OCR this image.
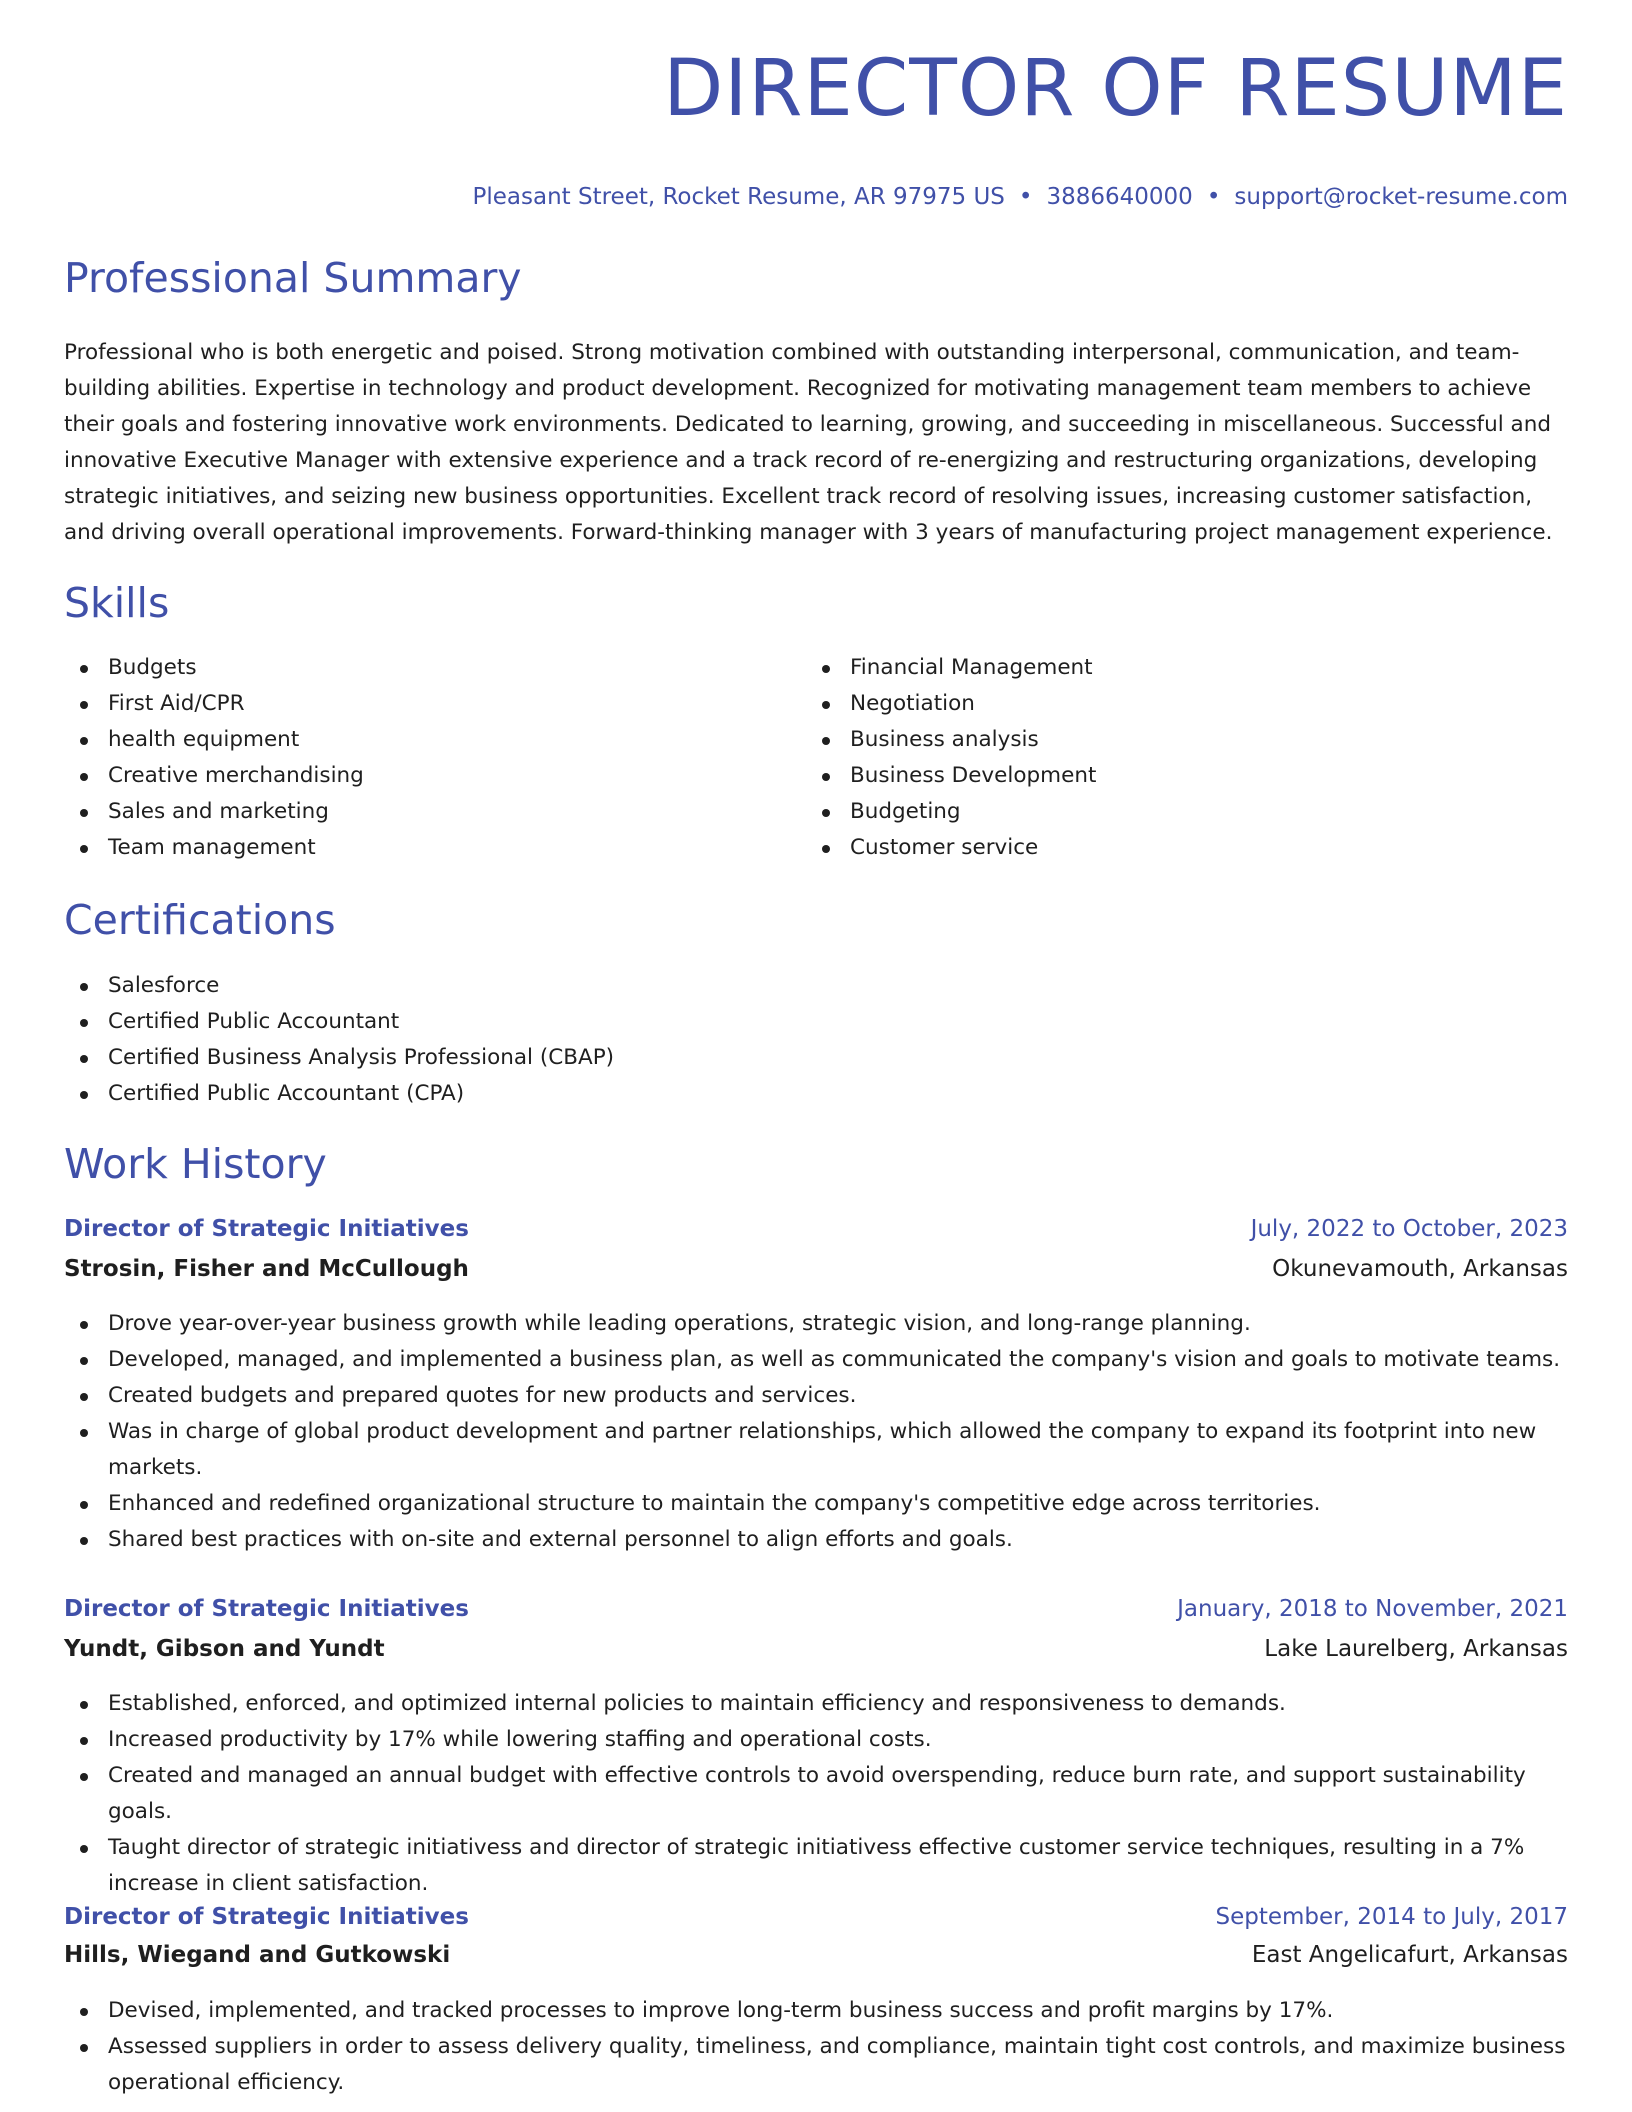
DIRECTOR OF RESUME
Pleasant Street, Rocket Resume, AR 97975 US • 3886640000 • support@rocket-resume.com
Professional Summary

Professional who is both energetic and poised. Strong motivation combined with outstanding interpersonal, communication, and team-building abilities. Expertise in technology and product development. Recognized for motivating management team members to achieve their goals and fostering innovative work environments. Dedicated to learning, growing, and succeeding in miscellaneous. Successful and innovative Executive Manager with extensive experience and a track record of re-energizing and restructuring organizations, developing strategic initiatives, and seizing new business opportunities. Excellent track record of resolving issues, increasing customer satisfaction, and driving overall operational improvements. Forward-thinking manager with 3 years of manufacturing project management experience.

Skills
Budgets
First Aid/CPR
health equipment
Creative merchandising
Sales and marketing
Team management
Financial Management
Negotiation
Business analysis
Business Development
Budgeting
Customer service
Certifications
Salesforce
Certified Public Accountant
Certified Business Analysis Professional (CBAP)
Certified Public Accountant (CPA)
Work History
Director of Strategic Initiatives	July, 2022 to October, 2023
Strosin, Fisher and McCullough	Okunevamouth, Arkansas
Drove year-over-year business growth while leading operations, strategic vision, and long-range planning.
Developed, managed, and implemented a business plan, as well as communicated the company's vision and goals to motivate teams.
Created budgets and prepared quotes for new products and services.
Was in charge of global product development and partner relationships, which allowed the company to expand its footprint into new markets.
Enhanced and redefined organizational structure to maintain the company's competitive edge across territories.
Shared best practices with on-site and external personnel to align efforts and goals.
Director of Strategic Initiatives	January, 2018 to November, 2021
Yundt, Gibson and Yundt	Lake Laurelberg, Arkansas
Established, enforced, and optimized internal policies to maintain efficiency and responsiveness to demands.
Increased productivity by 17% while lowering staffing and operational costs.
Created and managed an annual budget with effective controls to avoid overspending, reduce burn rate, and support sustainability goals.
Taught director of strategic initiativess and director of strategic initiativess effective customer service techniques, resulting in a 7% increase in client satisfaction.
Director of Strategic Initiatives	September, 2014 to July, 2017
Hills, Wiegand and Gutkowski	East Angelicafurt, Arkansas
Devised, implemented, and tracked processes to improve long-term business success and profit margins by 17%.
Assessed suppliers in order to assess delivery quality, timeliness, and compliance, maintain tight cost controls, and maximize business operational efficiency.
